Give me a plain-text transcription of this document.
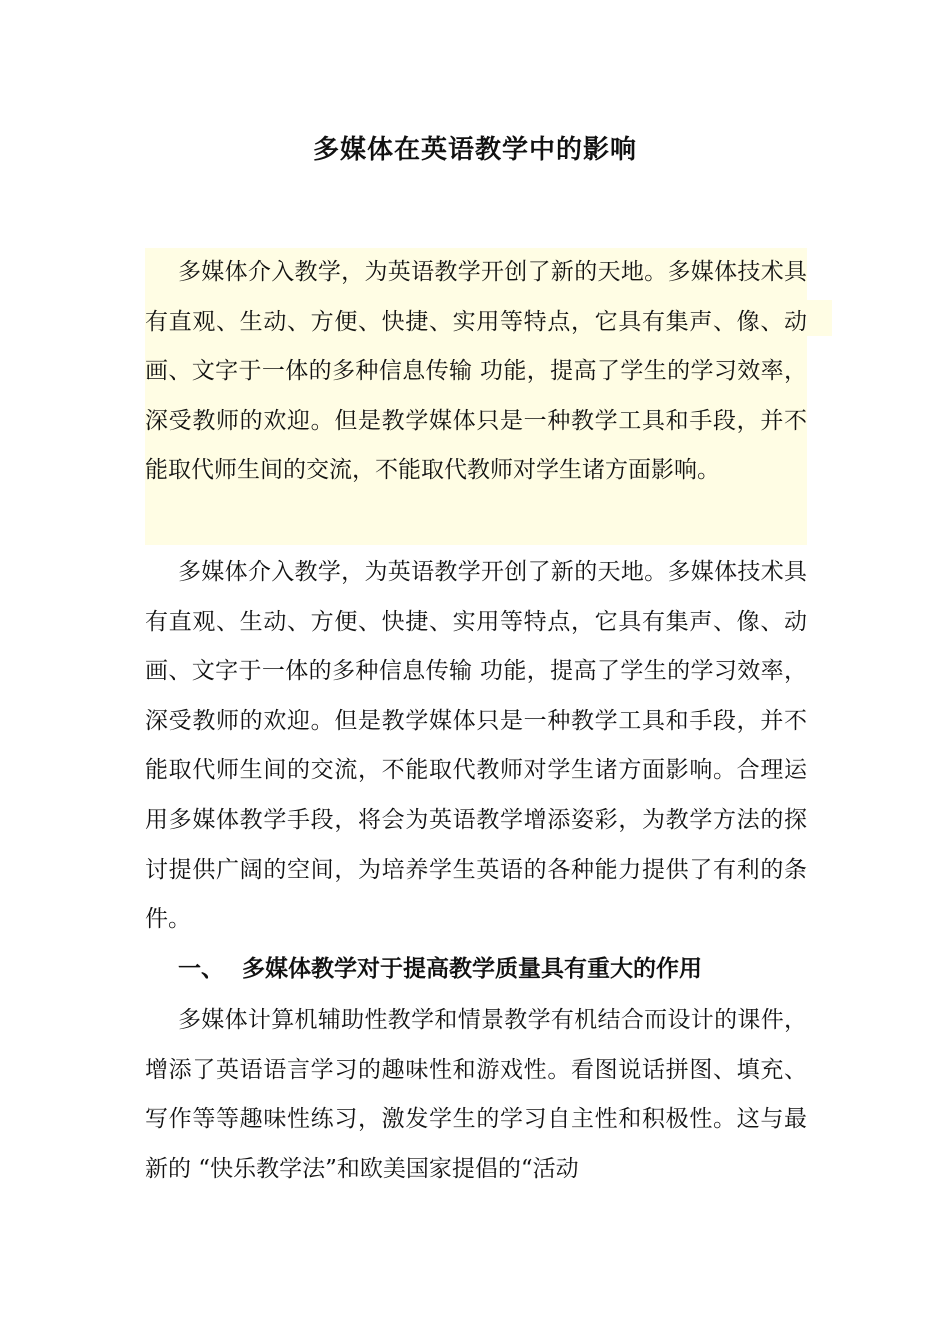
多媒体在英语教学中的影响

多媒体介入教学，为英语教学开创了新的天地。多媒体技术具有直观、生动、方便、快捷、实用等特点，它具有集声、像、动画、文字于一体的多种信息传输 功能，提高了学生的学习效率，深受教师的欢迎。但是教学媒体只是一种教学工具和手段，并不能取代师生间的交流，不能取代教师对学生诸方面影响。

多媒体介入教学，为英语教学开创了新的天地。多媒体技术具有直观、生动、方便、快捷、实用等特点，它具有集声、像、动画、文字于一体的多种信息传输 功能，提高了学生的学习效率，深受教师的欢迎。但是教学媒体只是一种教学工具和手段，并不能取代师生间的交流，不能取代教师对学生诸方面影响。合理运用多媒体教学手段，将会为英语教学增添姿彩，为教学方法的探讨提供广阔的空间，为培养学生英语的各种能力提供了有利的条件。

一、 多媒体教学对于提高教学质量具有重大的作用

多媒体计算机辅助性教学和情景教学有机结合而设计的课件，增添了英语语言学习的趣味性和游戏性。看图说话拼图、填充、写作等等趣味性练习，激发学生的学习自主性和积极性。这与最新的 “快乐教学法”和欧美国家提倡的“活动
